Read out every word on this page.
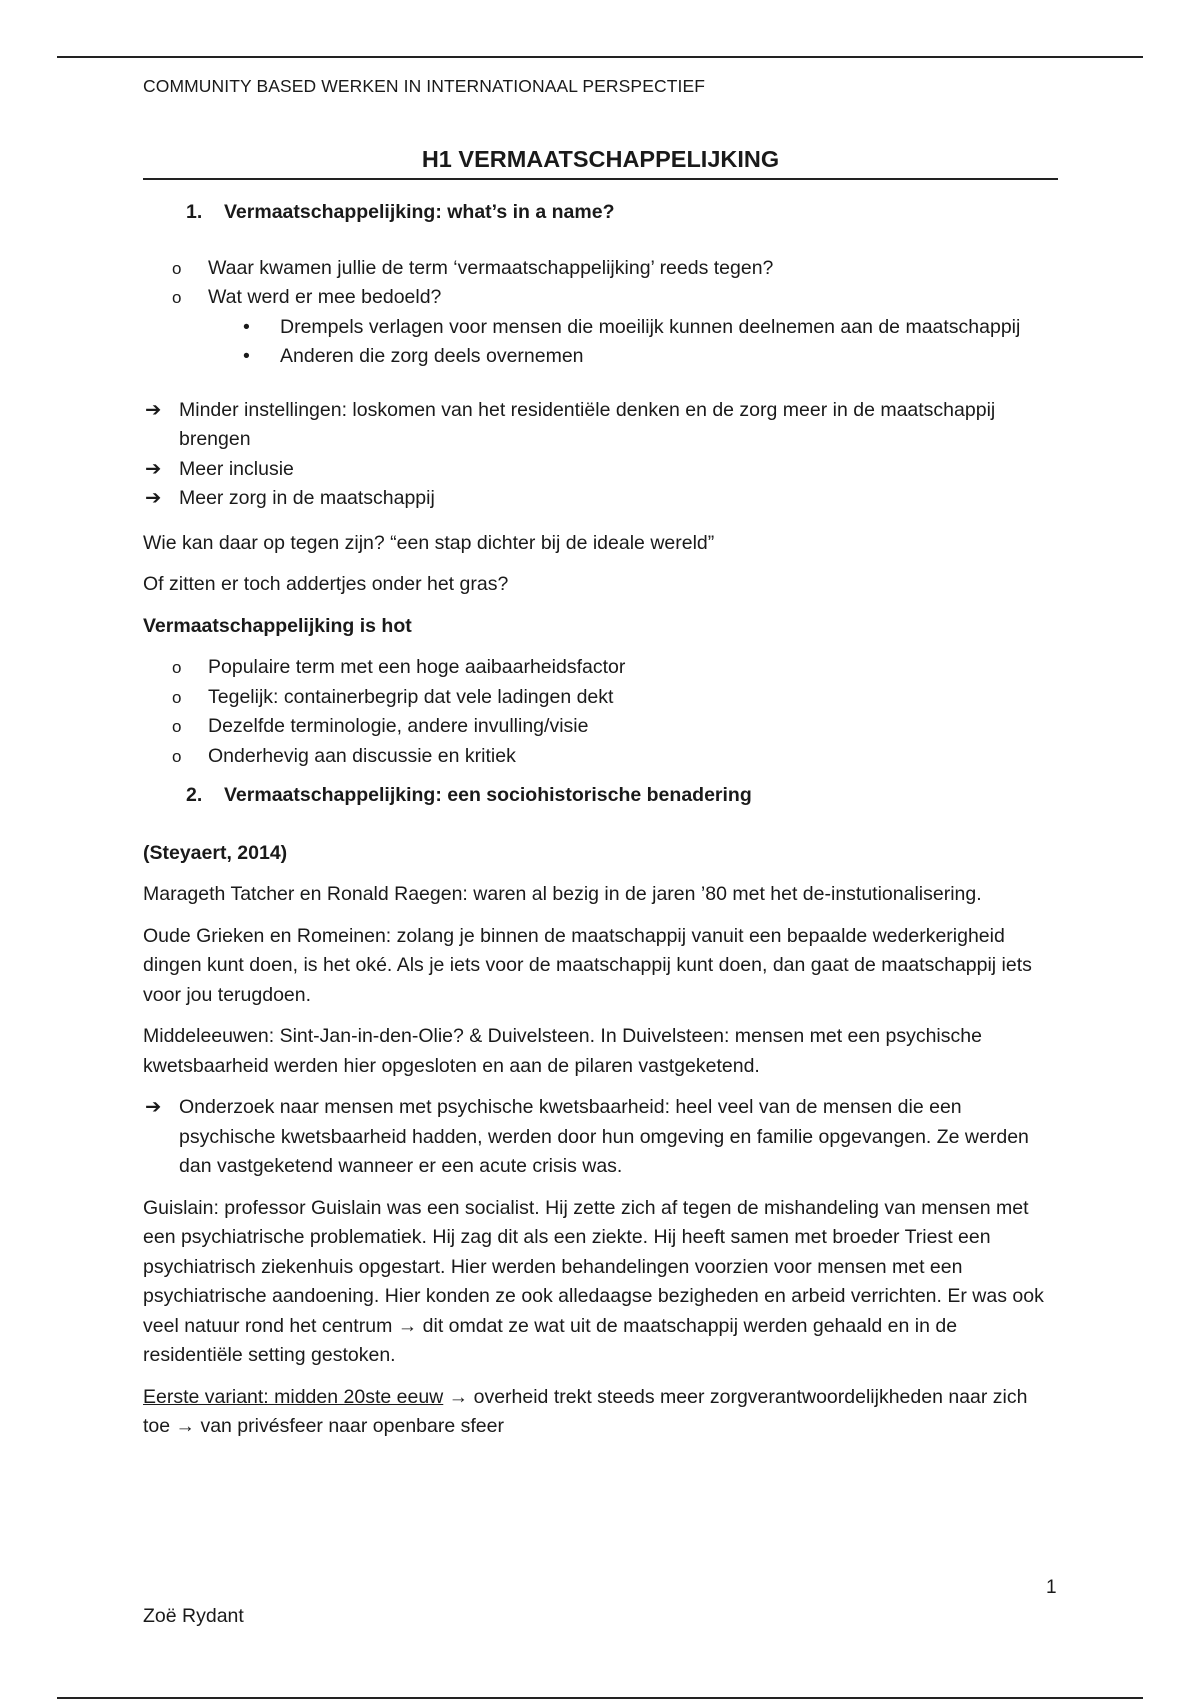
COMMUNITY BASED WERKEN IN INTERNATIONAAL PERSPECTIEF
H1 VERMAATSCHAPPELIJKING
1.	Vermaatschappelijking: what’s in a name?
o Waar kwamen jullie de term ‘vermaatschappelijking’ reeds tegen?
o Wat werd er mee bedoeld?
• Drempels verlagen voor mensen die moeilijk kunnen deelnemen aan de maatschappij
• Anderen die zorg deels overnemen
➔ Minder instellingen: loskomen van het residentiële denken en de zorg meer in de maatschappij brengen
➔ Meer inclusie
➔ Meer zorg in de maatschappij

Wie kan daar op tegen zijn? “een stap dichter bij de ideale wereld”

Of zitten er toch addertjes onder het gras?

Vermaatschappelijking is hot

o Populaire term met een hoge aaibaarheidsfactor
o Tegelijk: containerbegrip dat vele ladingen dekt
o Dezelfde terminologie, andere invulling/visie
o Onderhevig aan discussie en kritiek
2.	Vermaatschappelijking: een sociohistorische benadering

(Steyaert, 2014)

Marageth Tatcher en Ronald Raegen: waren al bezig in de jaren ’80 met het de-instutionalisering.

Oude Grieken en Romeinen: zolang je binnen de maatschappij vanuit een bepaalde wederkerigheid dingen kunt doen, is het oké. Als je iets voor de maatschappij kunt doen, dan gaat de maatschappij iets voor jou terugdoen.

Middeleeuwen: Sint-Jan-in-den-Olie? & Duivelsteen. In Duivelsteen: mensen met een psychische kwetsbaarheid werden hier opgesloten en aan de pilaren vastgeketend.

➔ Onderzoek naar mensen met psychische kwetsbaarheid: heel veel van de mensen die een psychische kwetsbaarheid hadden, werden door hun omgeving en familie opgevangen. Ze werden dan vastgeketend wanneer er een acute crisis was.

Guislain: professor Guislain was een socialist. Hij zette zich af tegen de mishandeling van mensen met een psychiatrische problematiek. Hij zag dit als een ziekte. Hij heeft samen met broeder Triest een psychiatrisch ziekenhuis opgestart. Hier werden behandelingen voorzien voor mensen met een psychiatrische aandoening. Hier konden ze ook alledaagse bezigheden en arbeid verrichten. Er was ook veel natuur rond het centrum → dit omdat ze wat uit de maatschappij werden gehaald en in de residentiële setting gestoken.

Eerste variant: midden 20ste eeuw → overheid trekt steeds meer zorgverantwoordelijkheden naar zich toe → van privésfeer naar openbare sfeer

1
Zoë Rydant
